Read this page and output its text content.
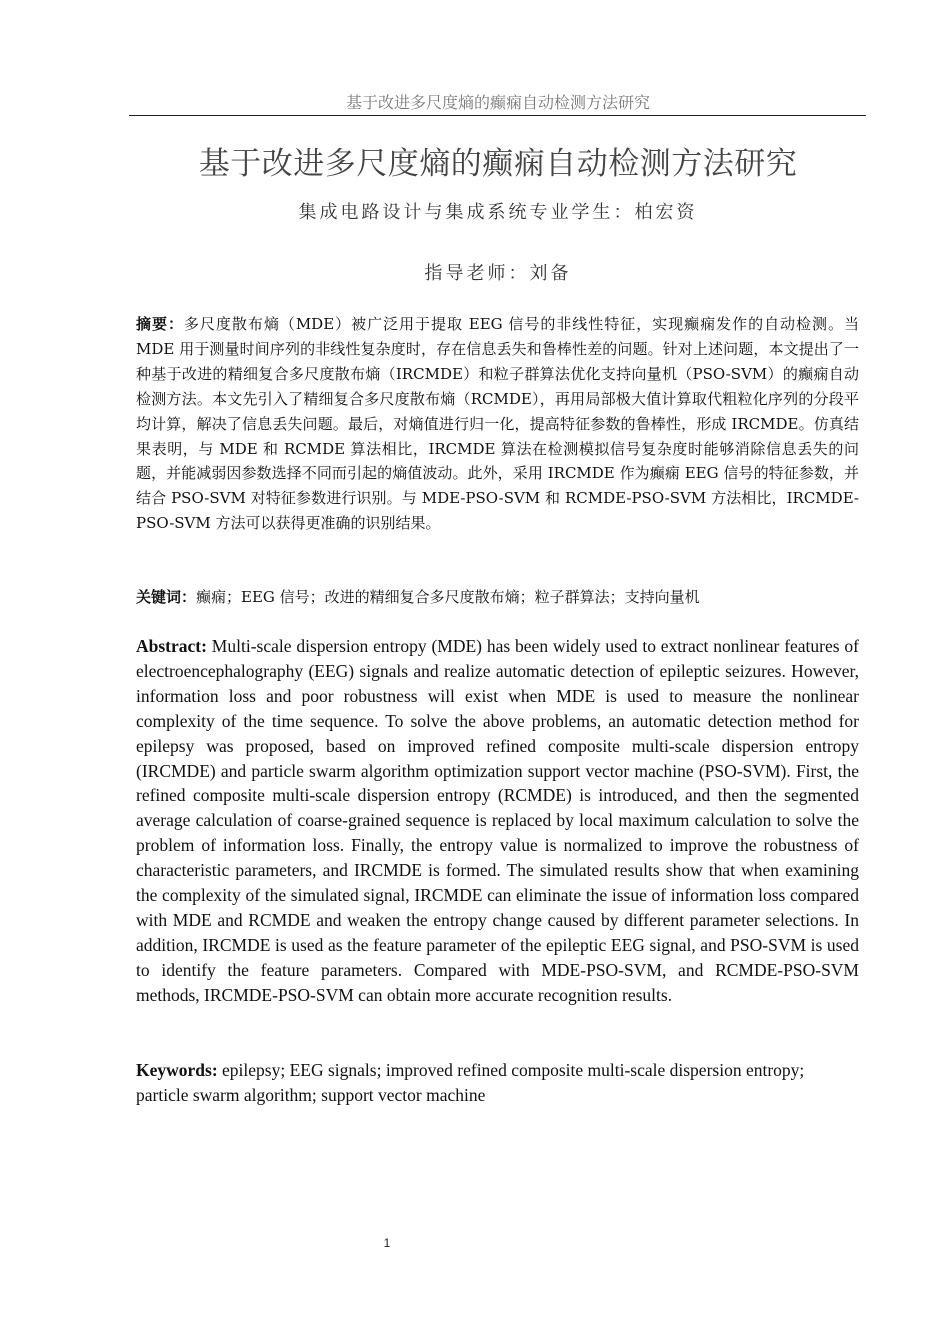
基于改进多尺度熵的癫痫自动检测方法研究
基于改进多尺度熵的癫痫自动检测方法研究
集成电路设计与集成系统专业学生：柏宏资
指导老师：刘备

摘要：多尺度散布熵（MDE）被广泛用于提取 EEG 信号的非线性特征，实现癫痫发作的自动检测。当 MDE 用于测量时间序列的非线性复杂度时，存在信息丢失和鲁棒性差的问题。针对上述问题，本文提出了一种基于改进的精细复合多尺度散布熵（IRCMDE）和粒子群算法优化支持向量机（PSO-SVM）的癫痫自动检测方法。本文先引入了精细复合多尺度散布熵（RCMDE），再用局部极大值计算取代粗粒化序列的分段平均计算，解决了信息丢失问题。最后，对熵值进行归一化，提高特征参数的鲁棒性，形成 IRCMDE。仿真结果表明，与 MDE 和 RCMDE 算法相比，IRCMDE 算法在检测模拟信号复杂度时能够消除信息丢失的问题，并能减弱因参数选择不同而引起的熵值波动。此外，采用 IRCMDE 作为癫痫 EEG 信号的特征参数，并结合 PSO-SVM 对特征参数进行识别。与 MDE-PSO-SVM 和 RCMDE-PSO-SVM 方法相比，IRCMDE-PSO-SVM 方法可以获得更准确的识别结果。

关键词：癫痫；EEG 信号；改进的精细复合多尺度散布熵；粒子群算法；支持向量机

Abstract: Multi-scale dispersion entropy (MDE) has been widely used to extract nonlinear features of electroencephalography (EEG) signals and realize automatic detection of epileptic seizures. However, information loss and poor robustness will exist when MDE is used to measure the nonlinear complexity of the time sequence. To solve the above problems, an automatic detection method for epilepsy was proposed, based on improved refined composite multi-scale dispersion entropy (IRCMDE) and particle swarm algorithm optimization support vector machine (PSO-SVM). First, the refined composite multi-scale dispersion entropy (RCMDE) is introduced, and then the segmented average calculation of coarse-grained sequence is replaced by local maximum calculation to solve the problem of information loss. Finally, the entropy value is normalized to improve the robustness of characteristic parameters, and IRCMDE is formed. The simulated results show that when examining the complexity of the simulated signal, IRCMDE can eliminate the issue of information loss compared with MDE and RCMDE and weaken the entropy change caused by different parameter selections. In addition, IRCMDE is used as the feature parameter of the epileptic EEG signal, and PSO-SVM is used to identify the feature parameters. Compared with MDE-PSO-SVM, and RCMDE-PSO-SVM methods, IRCMDE-PSO-SVM can obtain more accurate recognition results.

Keywords: epilepsy; EEG signals; improved refined composite multi-scale dispersion entropy; particle swarm algorithm; support vector machine

1
